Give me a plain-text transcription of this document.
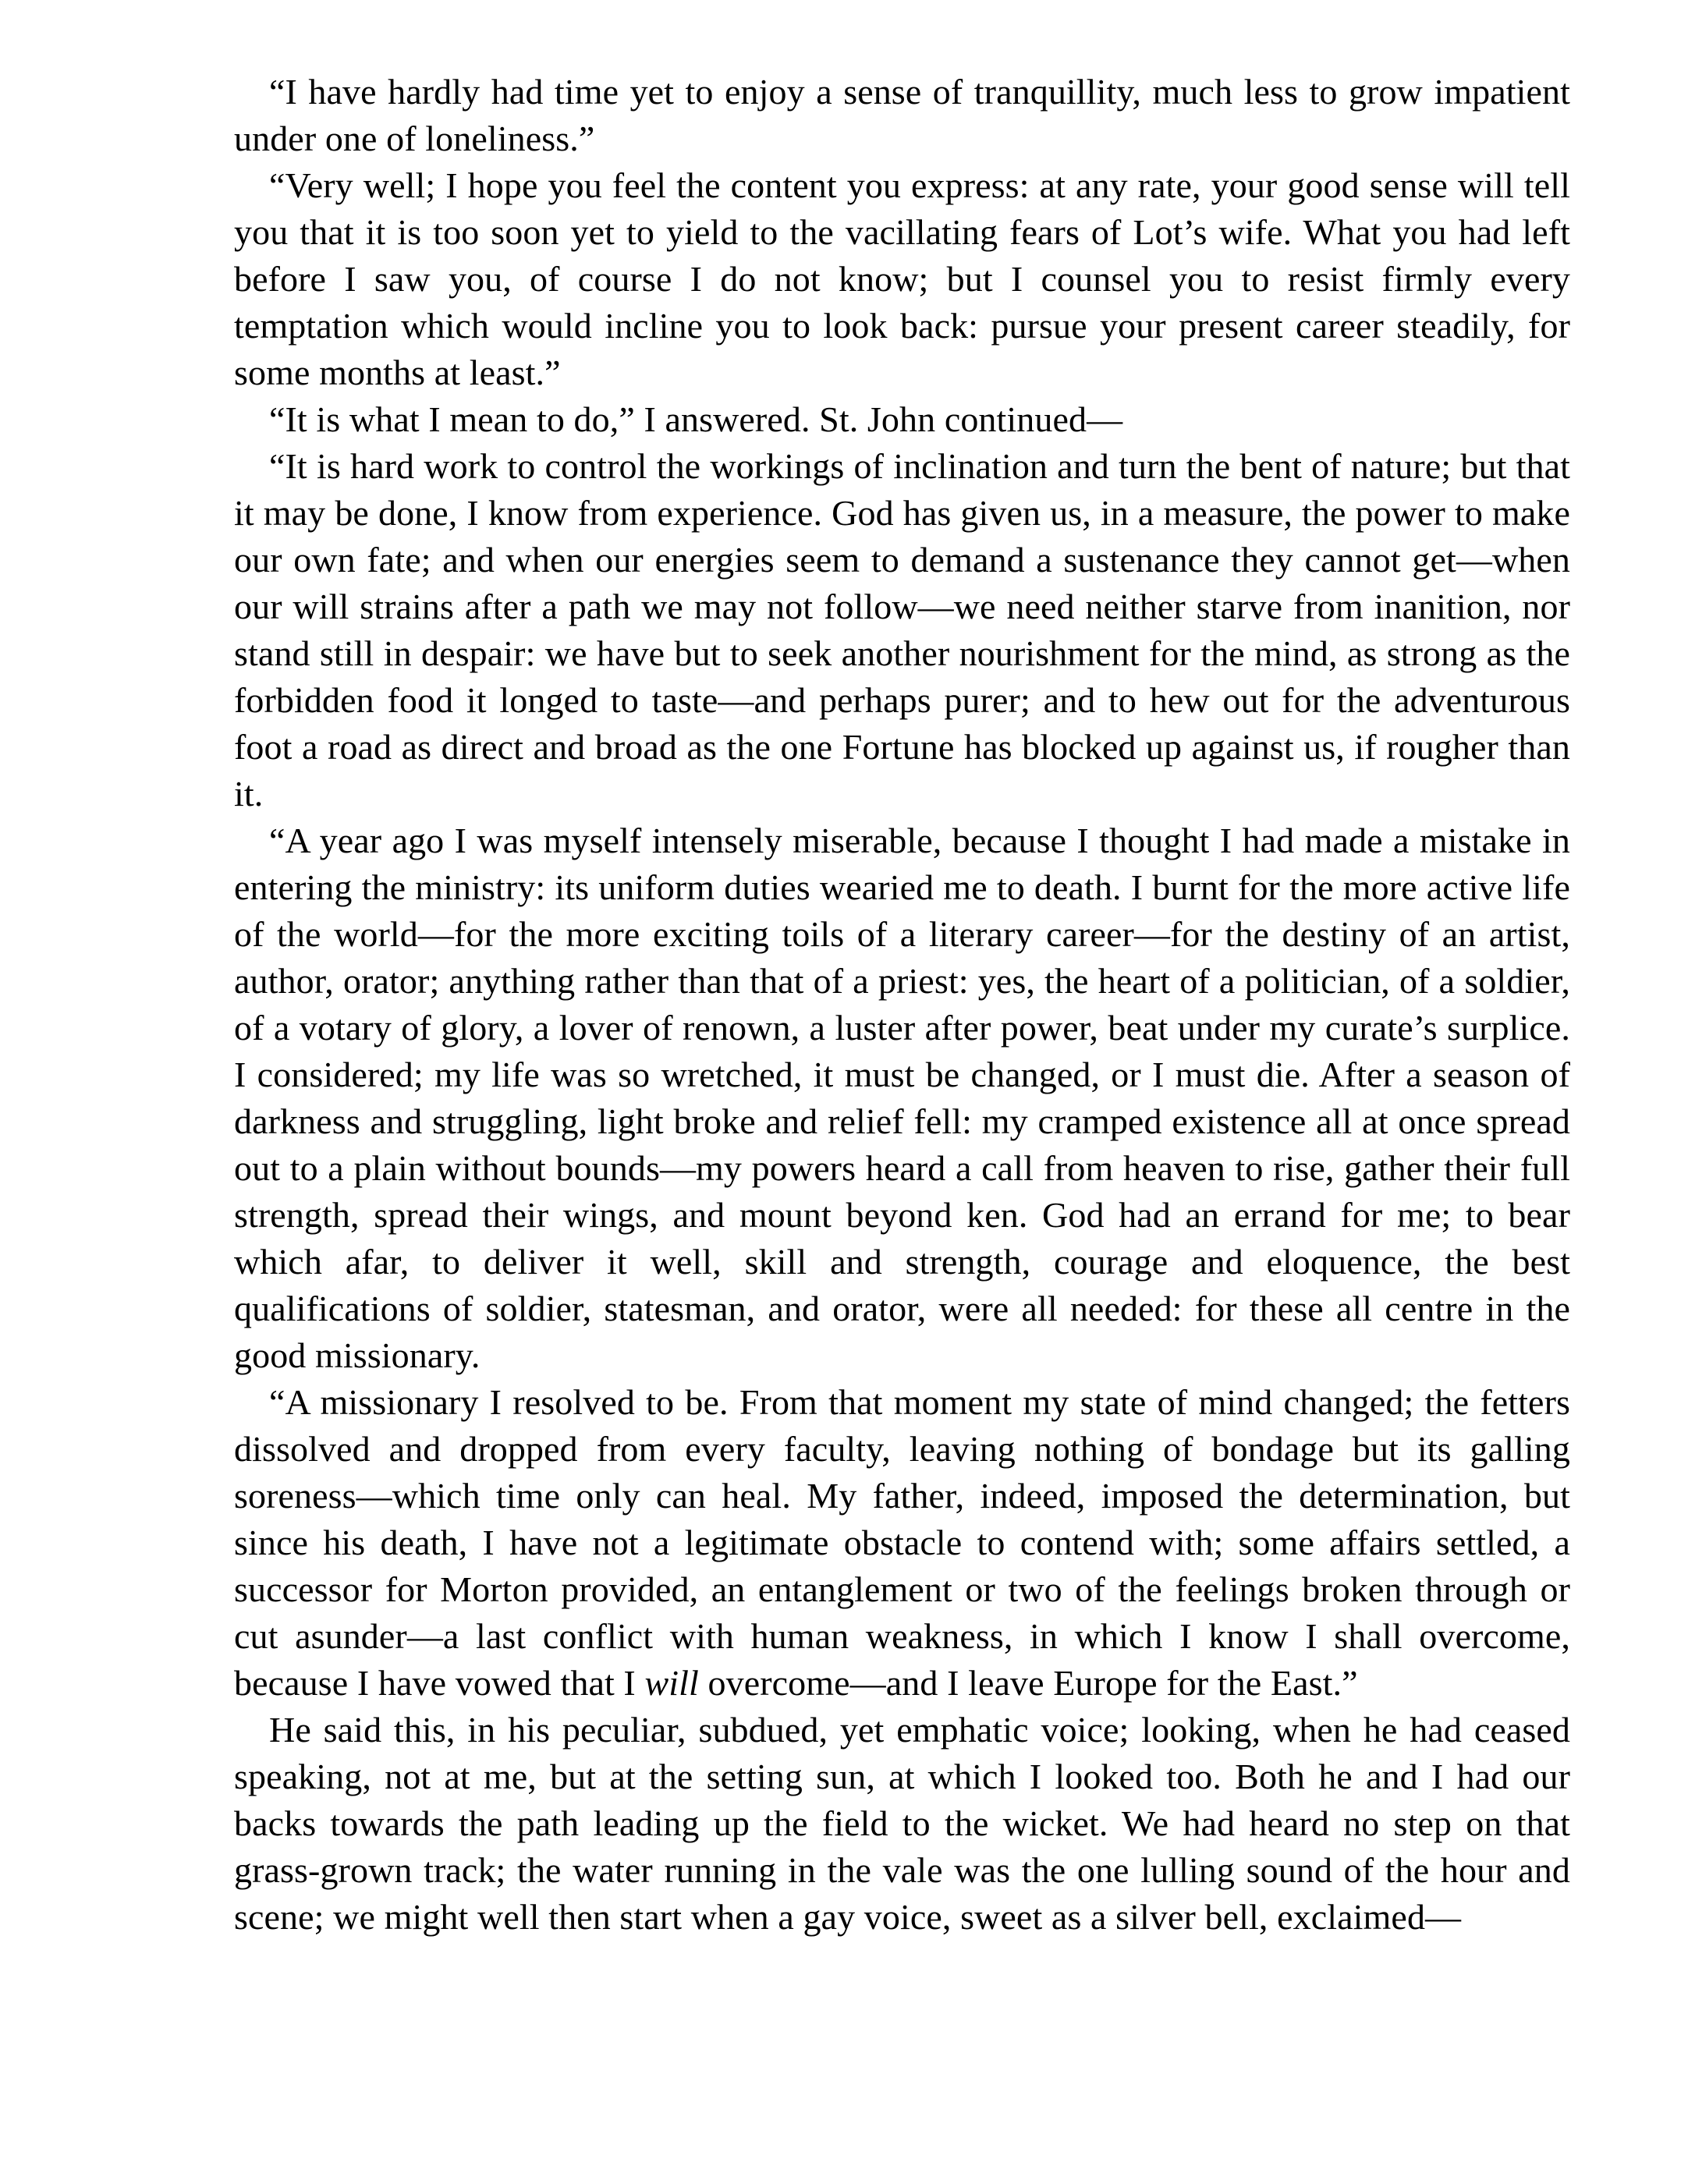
“I have hardly had time yet to enjoy a sense of tranquillity, much less to grow impatient under one of loneliness.”

“Very well; I hope you feel the content you express: at any rate, your good sense will tell you that it is too soon yet to yield to the vacillating fears of Lot’s wife. What you had left before I saw you, of course I do not know; but I counsel you to resist firmly every temptation which would incline you to look back: pursue your present career steadily, for some months at least.”

“It is what I mean to do,” I answered. St. John continued—

“It is hard work to control the workings of inclination and turn the bent of nature; but that it may be done, I know from experience. God has given us, in a measure, the power to make our own fate; and when our energies seem to demand a sustenance they cannot get—when our will strains after a path we may not follow—we need neither starve from inanition, nor stand still in despair: we have but to seek another nourishment for the mind, as strong as the forbidden food it longed to taste—and perhaps purer; and to hew out for the adventurous foot a road as direct and broad as the one Fortune has blocked up against us, if rougher than it.

“A year ago I was myself intensely miserable, because I thought I had made a mistake in entering the ministry: its uniform duties wearied me to death. I burnt for the more active life of the world—for the more exciting toils of a literary career—for the destiny of an artist, author, orator; anything rather than that of a priest: yes, the heart of a politician, of a soldier, of a votary of glory, a lover of renown, a luster after power, beat under my curate’s surplice. I considered; my life was so wretched, it must be changed, or I must die. After a season of darkness and struggling, light broke and relief fell: my cramped existence all at once spread out to a plain without bounds—my powers heard a call from heaven to rise, gather their full strength, spread their wings, and mount beyond ken. God had an errand for me; to bear which afar, to deliver it well, skill and strength, courage and eloquence, the best qualifications of soldier, statesman, and orator, were all needed: for these all centre in the good missionary.

“A missionary I resolved to be. From that moment my state of mind changed; the fetters dissolved and dropped from every faculty, leaving nothing of bondage but its galling soreness—which time only can heal. My father, indeed, imposed the determination, but since his death, I have not a legitimate obstacle to contend with; some affairs settled, a successor for Morton provided, an entanglement or two of the feelings broken through or cut asunder—a last conflict with human weakness, in which I know I shall overcome, because I have vowed that I will overcome—and I leave Europe for the East.”

He said this, in his peculiar, subdued, yet emphatic voice; looking, when he had ceased speaking, not at me, but at the setting sun, at which I looked too. Both he and I had our backs towards the path leading up the field to the wicket. We had heard no step on that grass-grown track; the water running in the vale was the one lulling sound of the hour and scene; we might well then start when a gay voice, sweet as a silver bell, exclaimed—
